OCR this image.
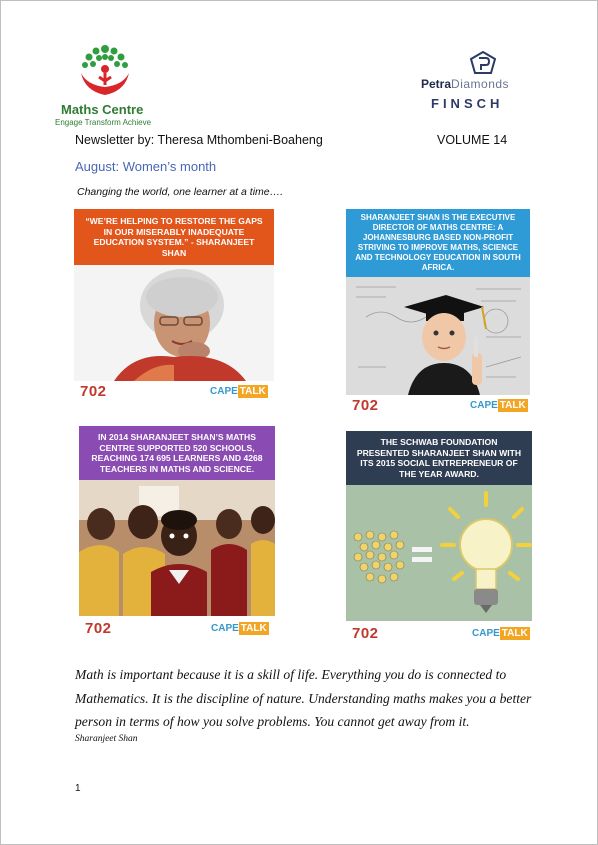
Maths Centre
Engage Transform Achieve
PetraDiamonds
FINSCH
Newsletter by: Theresa Mthombeni-Boaheng	VOLUME 14
August: Women’s month
Changing the world, one learner at a time….
“WE’RE HELPING TO RESTORE THE GAPS IN OUR MISERABLY INADEQUATE EDUCATION SYSTEM.” - SHARANJEET SHAN
702	CAPE TALK
SHARANJEET SHAN IS THE EXECUTIVE DIRECTOR OF MATHS CENTRE: A JOHANNESBURG BASED NON-PROFIT STRIVING TO IMPROVE MATHS, SCIENCE AND TECHNOLOGY EDUCATION IN SOUTH AFRICA.
702	CAPE TALK
IN 2014 SHARANJEET SHAN’S MATHS CENTRE SUPPORTED 520 SCHOOLS, REACHING 174 695 LEARNERS AND 4268 TEACHERS IN MATHS AND SCIENCE.
702	CAPE TALK
THE SCHWAB FOUNDATION PRESENTED SHARANJEET SHAN WITH ITS 2015 SOCIAL ENTREPRENEUR OF THE YEAR AWARD.
702	CAPE TALK
Math is important because it is a skill of life. Everything you do is connected to Mathematics. It is the discipline of nature. Understanding maths makes you a better person in terms of how you solve problems. You cannot get away from it.
Sharanjeet Shan
1
